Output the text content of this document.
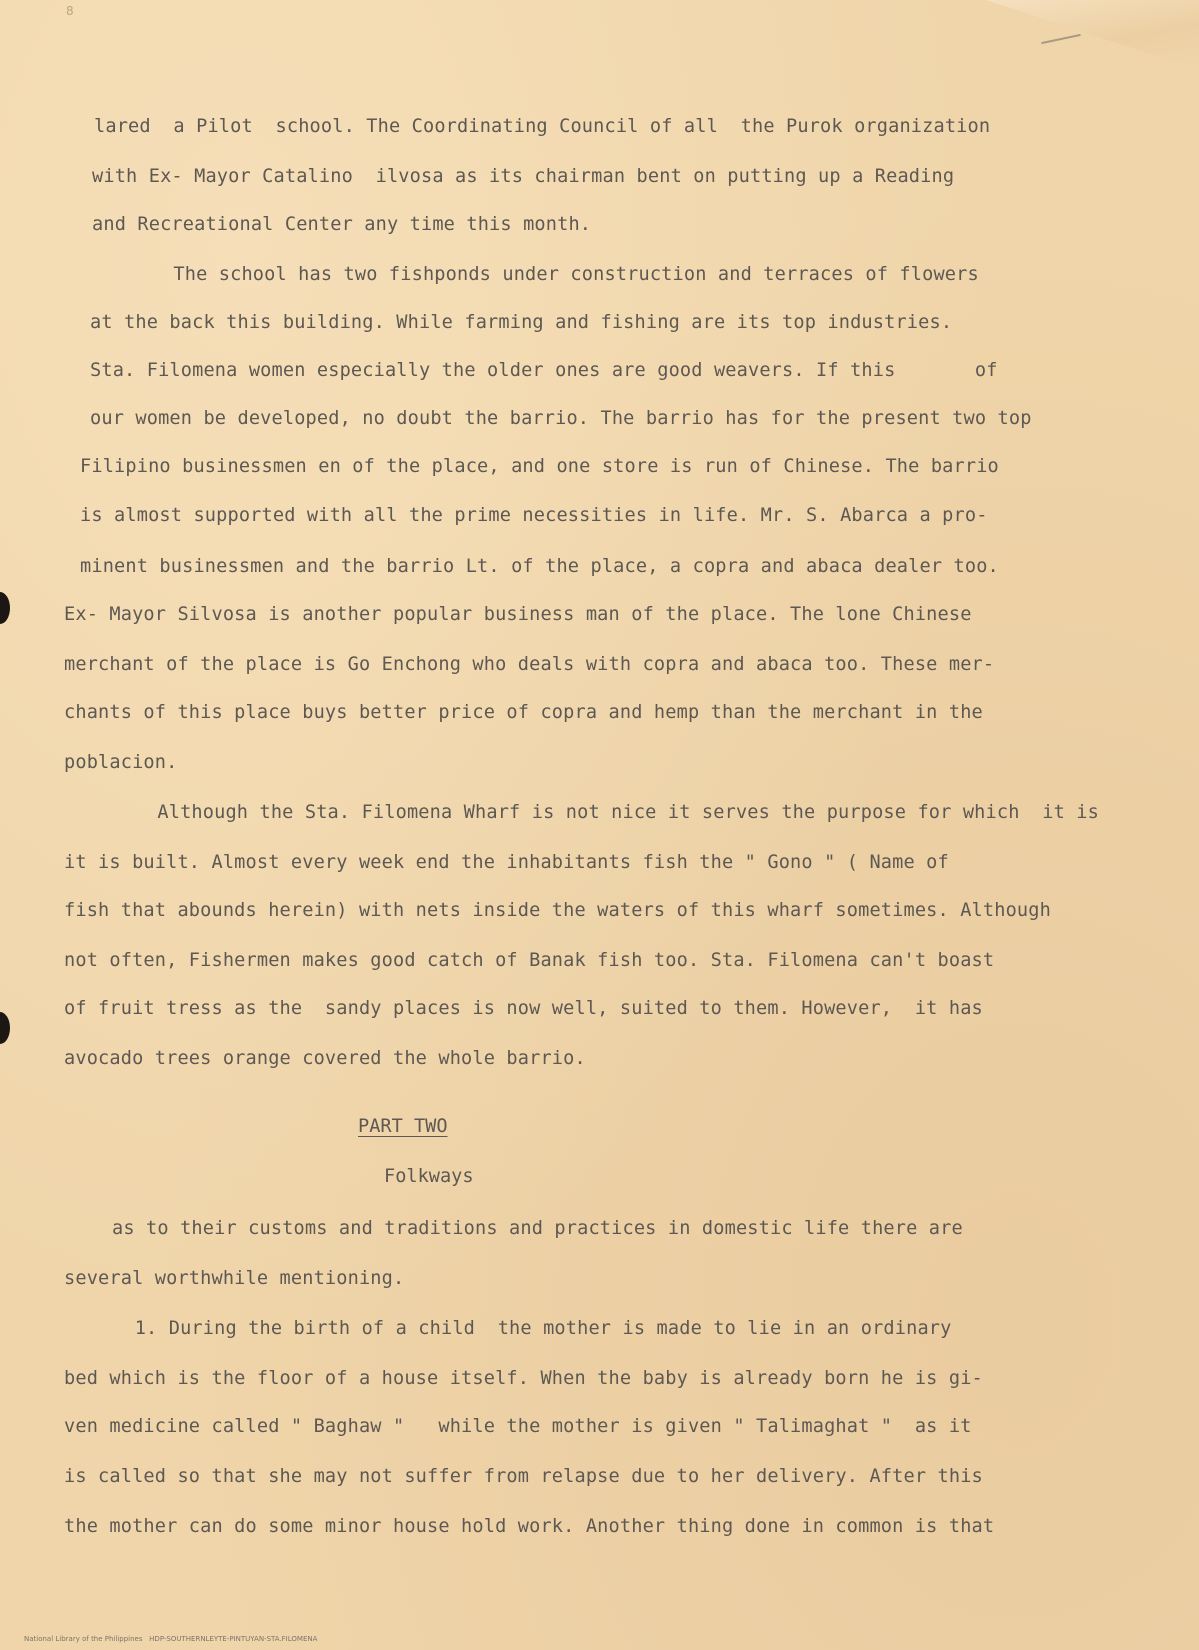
8
lared  a Pilot  school. The Coordinating Council of all  the Purok organization
with Ex- Mayor Catalino  ilvosa as its chairman bent on putting up a Reading
and Recreational Center any time this month.
The school has two fishponds under construction and terraces of flowers
at the back this building. While farming and fishing are its top industries.
Sta. Filomena women especially the older ones are good weavers. If this       of
our women be developed, no doubt the barrio. The barrio has for the present two top
Filipino businessmen en of the place, and one store is run of Chinese. The barrio
is almost supported with all the prime necessities in life. Mr. S. Abarca a pro-
minent businessmen and the barrio Lt. of the place, a copra and abaca dealer too.
Ex- Mayor Silvosa is another popular business man of the place. The lone Chinese
merchant of the place is Go Enchong who deals with copra and abaca too. These mer-
chants of this place buys better price of copra and hemp than the merchant in the
poblacion.
Although the Sta. Filomena Wharf is not nice it serves the purpose for which  it is
it is built. Almost every week end the inhabitants fish the " Gono " ( Name of
fish that abounds herein) with nets inside the waters of this wharf sometimes. Although
not often, Fishermen makes good catch of Banak fish too. Sta. Filomena can't boast
of fruit tress as the  sandy places is now well, suited to them. However,  it has
avocado trees orange covered the whole barrio.
PART TWO
Folkways
as to their customs and traditions and practices in domestic life there are
several worthwhile mentioning.
1. During the birth of a child  the mother is made to lie in an ordinary
bed which is the floor of a house itself. When the baby is already born he is gi-
ven medicine called " Baghaw "   while the mother is given " Talimaghat "  as it
is called so that she may not suffer from relapse due to her delivery. After this
the mother can do some minor house hold work. Another thing done in common is that
National Library of the Philippines   HDP-SOUTHERNLEYTE-PINTUYAN-STA.FILOMENA
